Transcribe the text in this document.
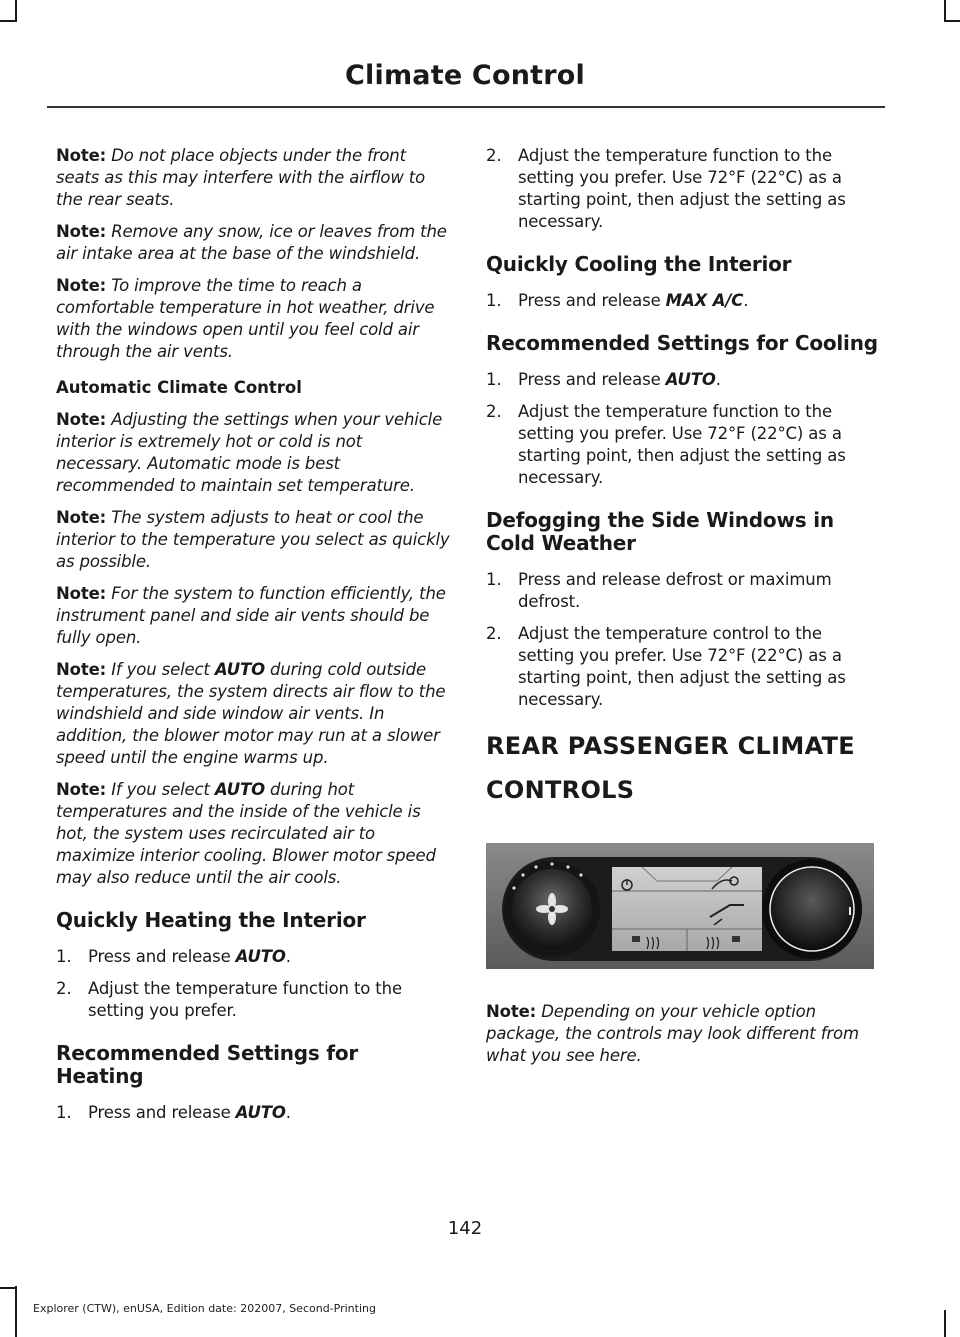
Climate Control

Note: Do not place objects under the front seats as this may interfere with the airflow to the rear seats.

Note: Remove any snow, ice or leaves from the air intake area at the base of the windshield.

Note: To improve the time to reach a comfortable temperature in hot weather, drive with the windows open until you feel cold air through the air vents.

Automatic Climate Control

Note: Adjusting the settings when your vehicle interior is extremely hot or cold is not necessary. Automatic mode is best recommended to maintain set temperature.

Note: The system adjusts to heat or cool the interior to the temperature you select as quickly as possible.

Note: For the system to function efficiently, the instrument panel and side air vents should be fully open.

Note: If you select AUTO during cold outside temperatures, the system directs air flow to the windshield and side window air vents. In addition, the blower motor may run at a slower speed until the engine warms up.

Note: If you select AUTO during hot temperatures and the inside of the vehicle is hot, the system uses recirculated air to maximize interior cooling. Blower motor speed may also reduce until the air cools.

Quickly Heating the Interior
1.	Press and release AUTO.
2.	Adjust the temperature function to the setting you prefer.
Recommended Settings for Heating
1.	Press and release AUTO.
2.	Adjust the temperature function to the setting you prefer. Use 72°F (22°C) as a starting point, then adjust the setting as necessary.
Quickly Cooling the Interior
1.	Press and release MAX A/C.
Recommended Settings for Cooling
1.	Press and release AUTO.
2.	Adjust the temperature function to the setting you prefer. Use 72°F (22°C) as a starting point, then adjust the setting as necessary.
Defogging the Side Windows in Cold Weather
1.	Press and release defrost or maximum defrost.
2.	Adjust the temperature control to the setting you prefer. Use 72°F (22°C) as a starting point, then adjust the setting as necessary.
REAR PASSENGER CLIMATE
CONTROLS

Note: Depending on your vehicle option package, the controls may look different from what you see here.

142
Explorer (CTW), enUSA, Edition date: 202007, Second-Printing
